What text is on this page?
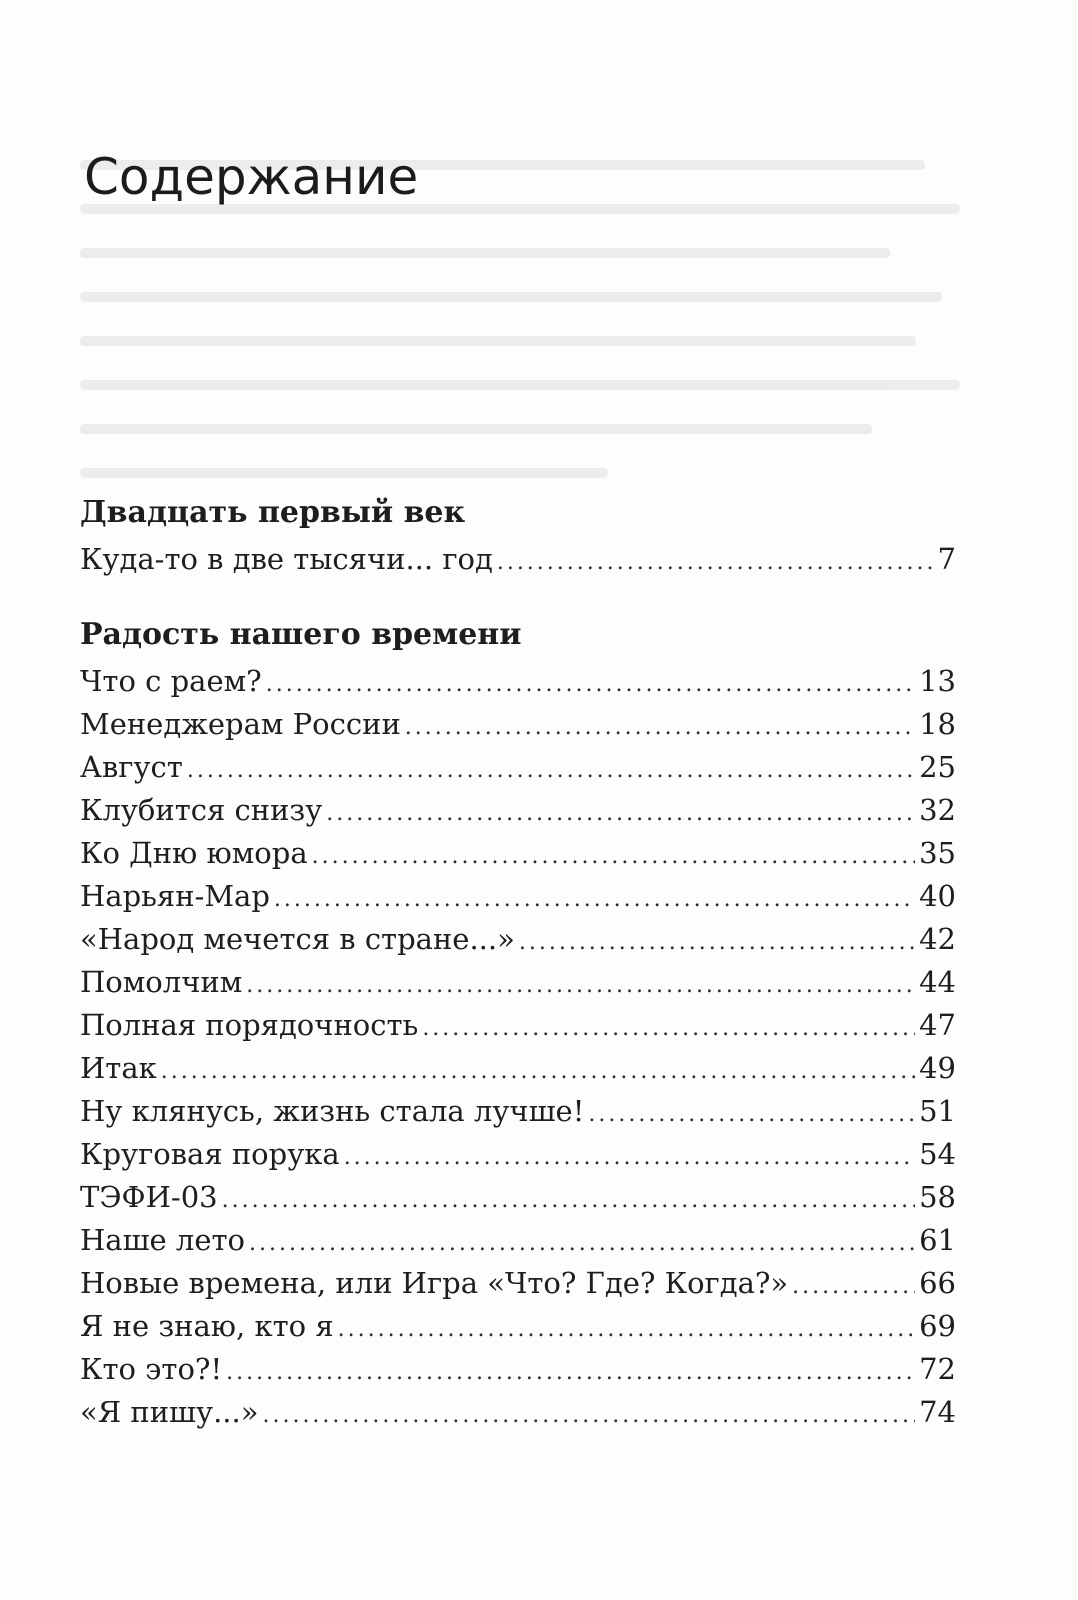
Содержание
Двадцать первый век
Куда-то в две тысячи... год .....	7
Радость нашего времени
Что с раем? .....	13
Менеджерам России .....	18
Август .....	25
Клубится снизу .....	32
Ко Дню юмора .....	35
Нарьян-Мар .....	40
«Народ мечется в стране...» .....	42
Помолчим .....	44
Полная порядочность .....	47
Итак .....	49
Ну клянусь, жизнь стала лучше! .....	51
Круговая порука .....	54
ТЭФИ-03 .....	58
Наше лето .....	61
Новые времена, или Игра «Что? Где? Когда?» .....	66
Я не знаю, кто я .....	69
Кто это?! .....	72
«Я пишу...» .....	74
